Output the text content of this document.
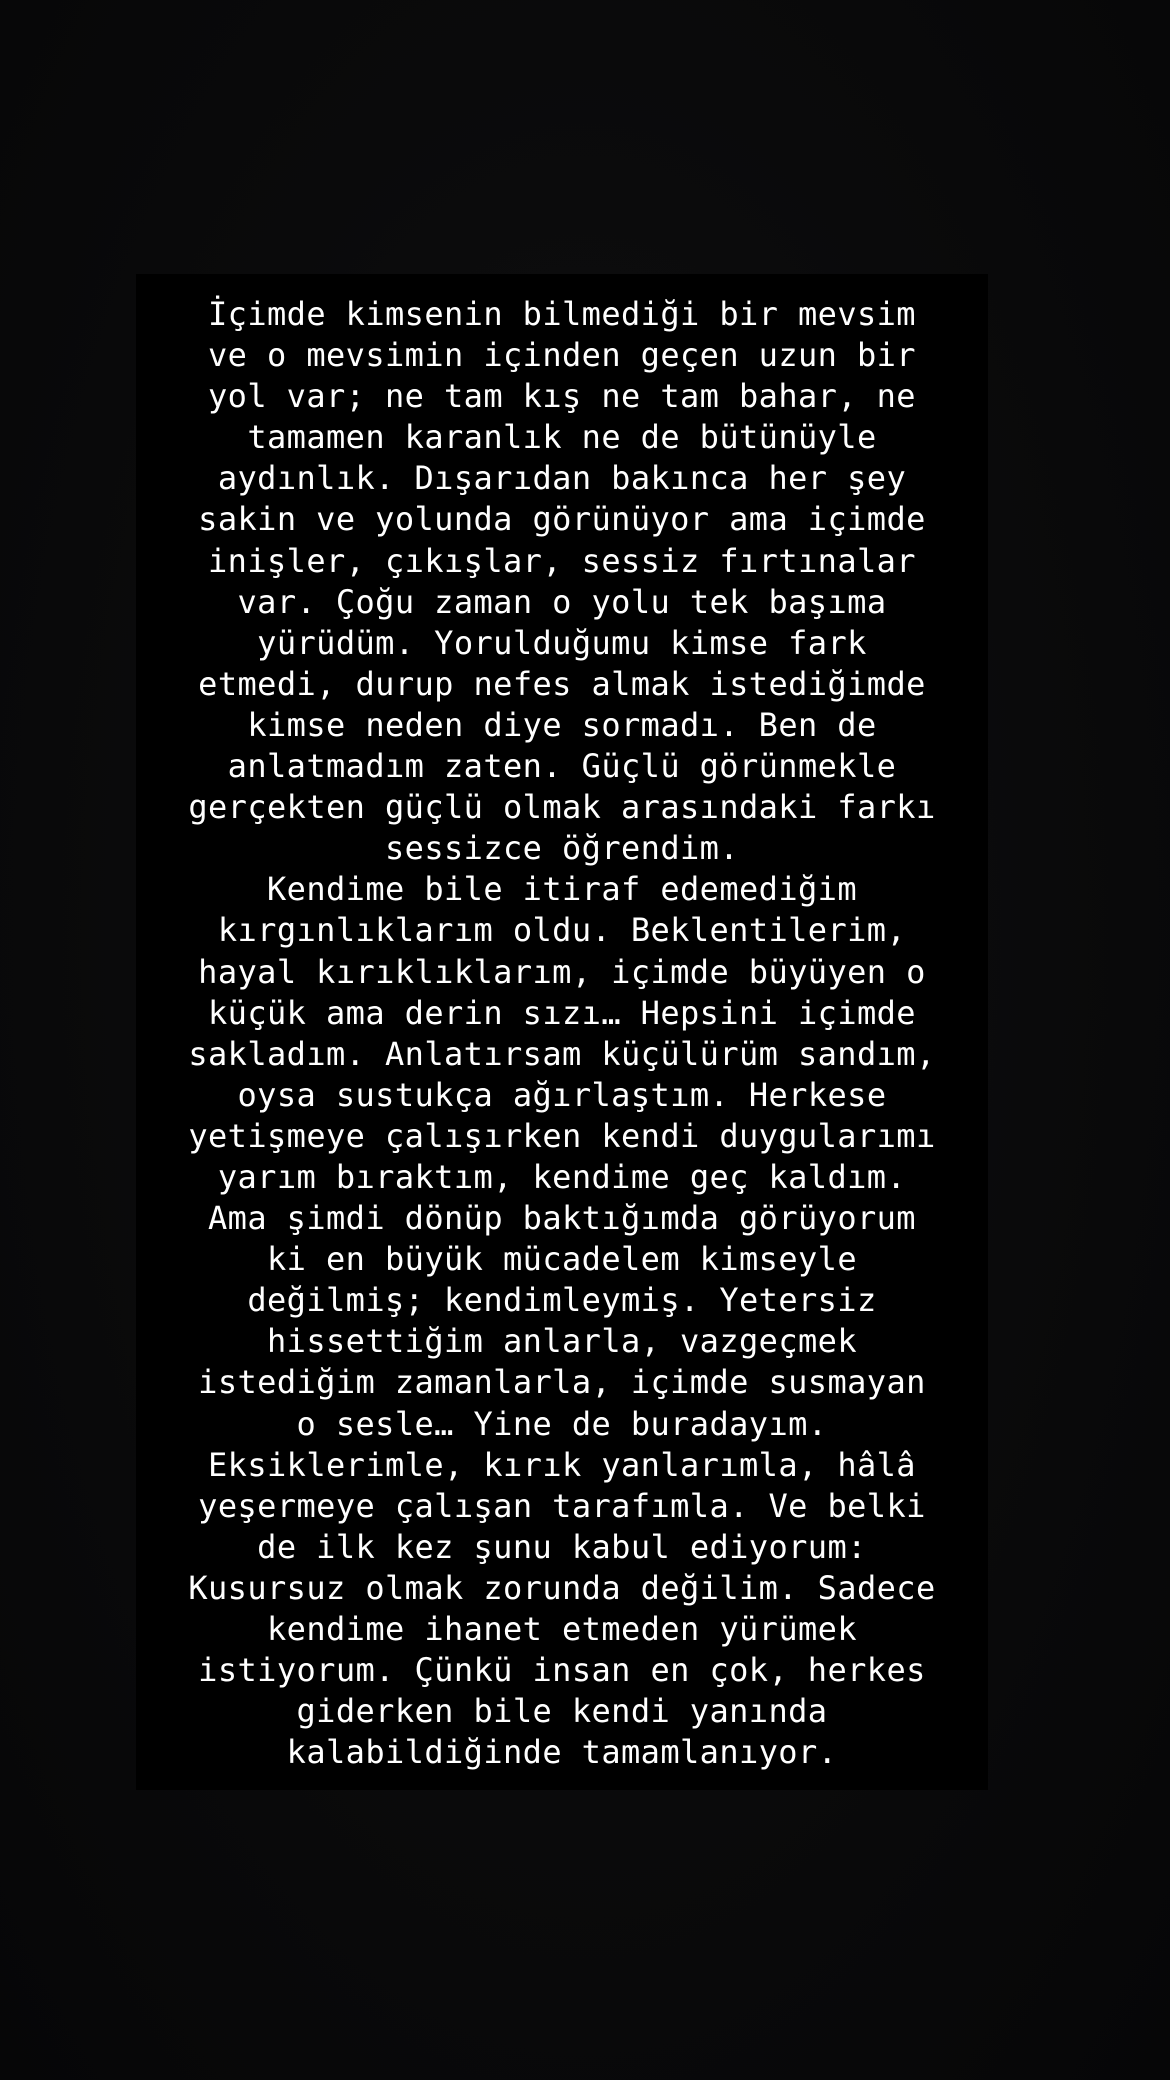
İçimde kimsenin bilmediği bir mevsim
ve o mevsimin içinden geçen uzun bir
yol var; ne tam kış ne tam bahar, ne
tamamen karanlık ne de bütünüyle
aydınlık. Dışarıdan bakınca her şey
sakin ve yolunda görünüyor ama içimde
inişler, çıkışlar, sessiz fırtınalar
var. Çoğu zaman o yolu tek başıma
yürüdüm. Yorulduğumu kimse fark
etmedi, durup nefes almak istediğimde
kimse neden diye sormadı. Ben de
anlatmadım zaten. Güçlü görünmekle
gerçekten güçlü olmak arasındaki farkı
sessizce öğrendim.
Kendime bile itiraf edemediğim
kırgınlıklarım oldu. Beklentilerim,
hayal kırıklıklarım, içimde büyüyen o
küçük ama derin sızı… Hepsini içimde
sakladım. Anlatırsam küçülürüm sandım,
oysa sustukça ağırlaştım. Herkese
yetişmeye çalışırken kendi duygularımı
yarım bıraktım, kendime geç kaldım.
Ama şimdi dönüp baktığımda görüyorum
ki en büyük mücadelem kimseyle
değilmiş; kendimleymiş. Yetersiz
hissettiğim anlarla, vazgeçmek
istediğim zamanlarla, içimde susmayan
o sesle… Yine de buradayım.
Eksiklerimle, kırık yanlarımla, hâlâ
yeşermeye çalışan tarafımla. Ve belki
de ilk kez şunu kabul ediyorum:
Kusursuz olmak zorunda değilim. Sadece
kendime ihanet etmeden yürümek
istiyorum. Çünkü insan en çok, herkes
giderken bile kendi yanında
kalabildiğinde tamamlanıyor.
